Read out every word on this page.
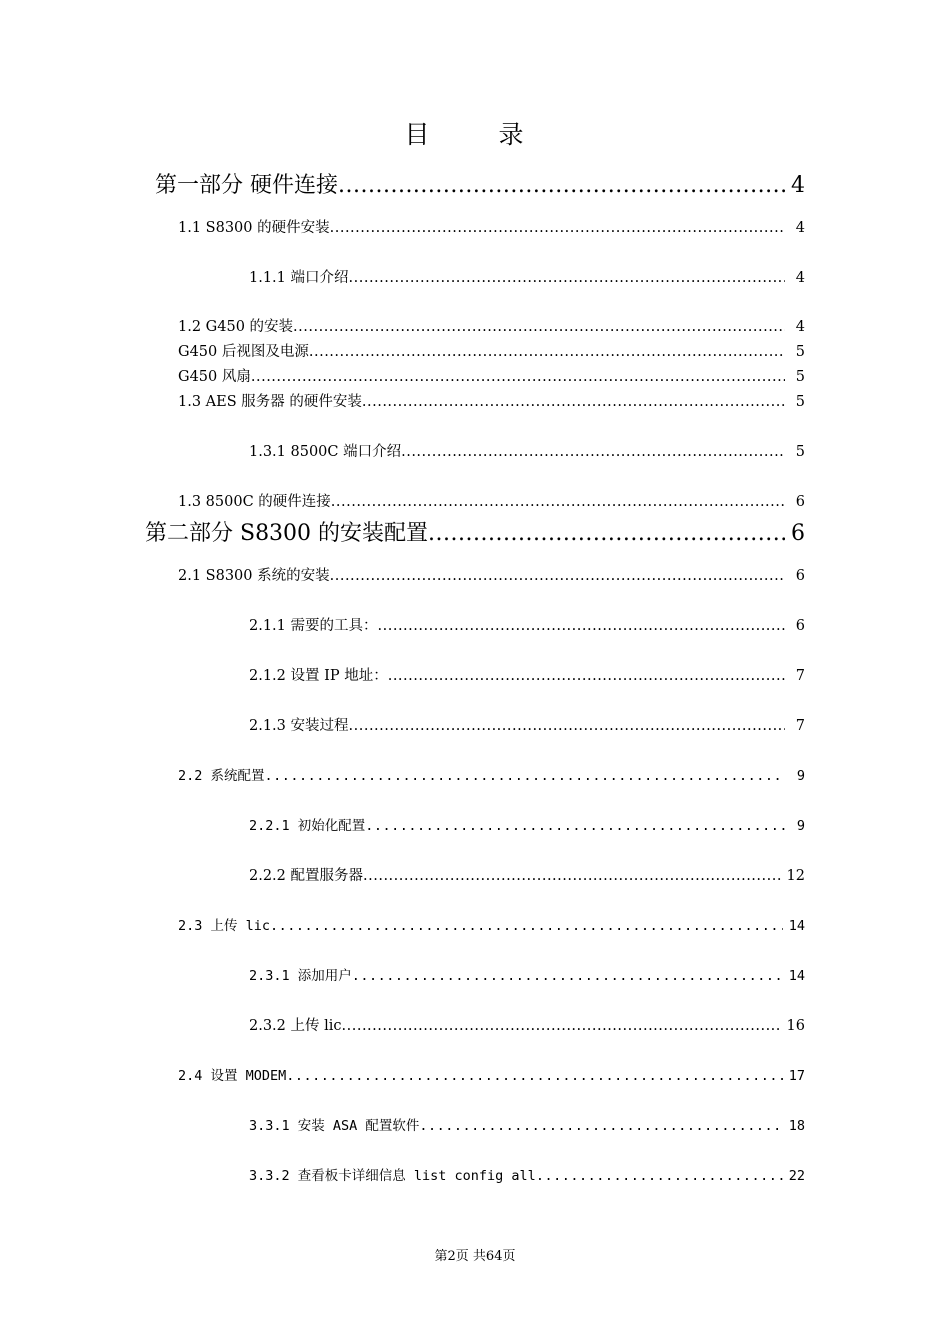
目　录
第一部分 硬件连接 .....	4
1.1 S8300 的硬件安装 .....	4
1.1.1 端口介绍 .....	4
1.2 G450 的安装 .....	4
G450 后视图及电源 .....	5
G450 风扇 .....	5
1.3 AES 服务器 的硬件安装 .....	5
1.3.1 8500C 端口介绍 .....	5
1.3 8500C 的硬件连接 .....	6
第二部分 S8300 的安装配置 .....	6
2.1 S8300 系统的安装 .....	6
2.1.1 需要的工具： .....	6
2.1.2 设置 IP 地址： .....	7
2.1.3 安装过程 .....	7
2.2 系统配置 .....	9
2.2.1 初始化配置 .....	9
2.2.2 配置服务器 .....	12
2.3 上传 lic .....	14
2.3.1 添加用户 .....	14
2.3.2 上传 lic .....	16
2.4 设置 MODEM .....	17
3.3.1 安装 ASA 配置软件 .....	18
3.3.2 查看板卡详细信息 list config all .....	22
第2页 共64页
